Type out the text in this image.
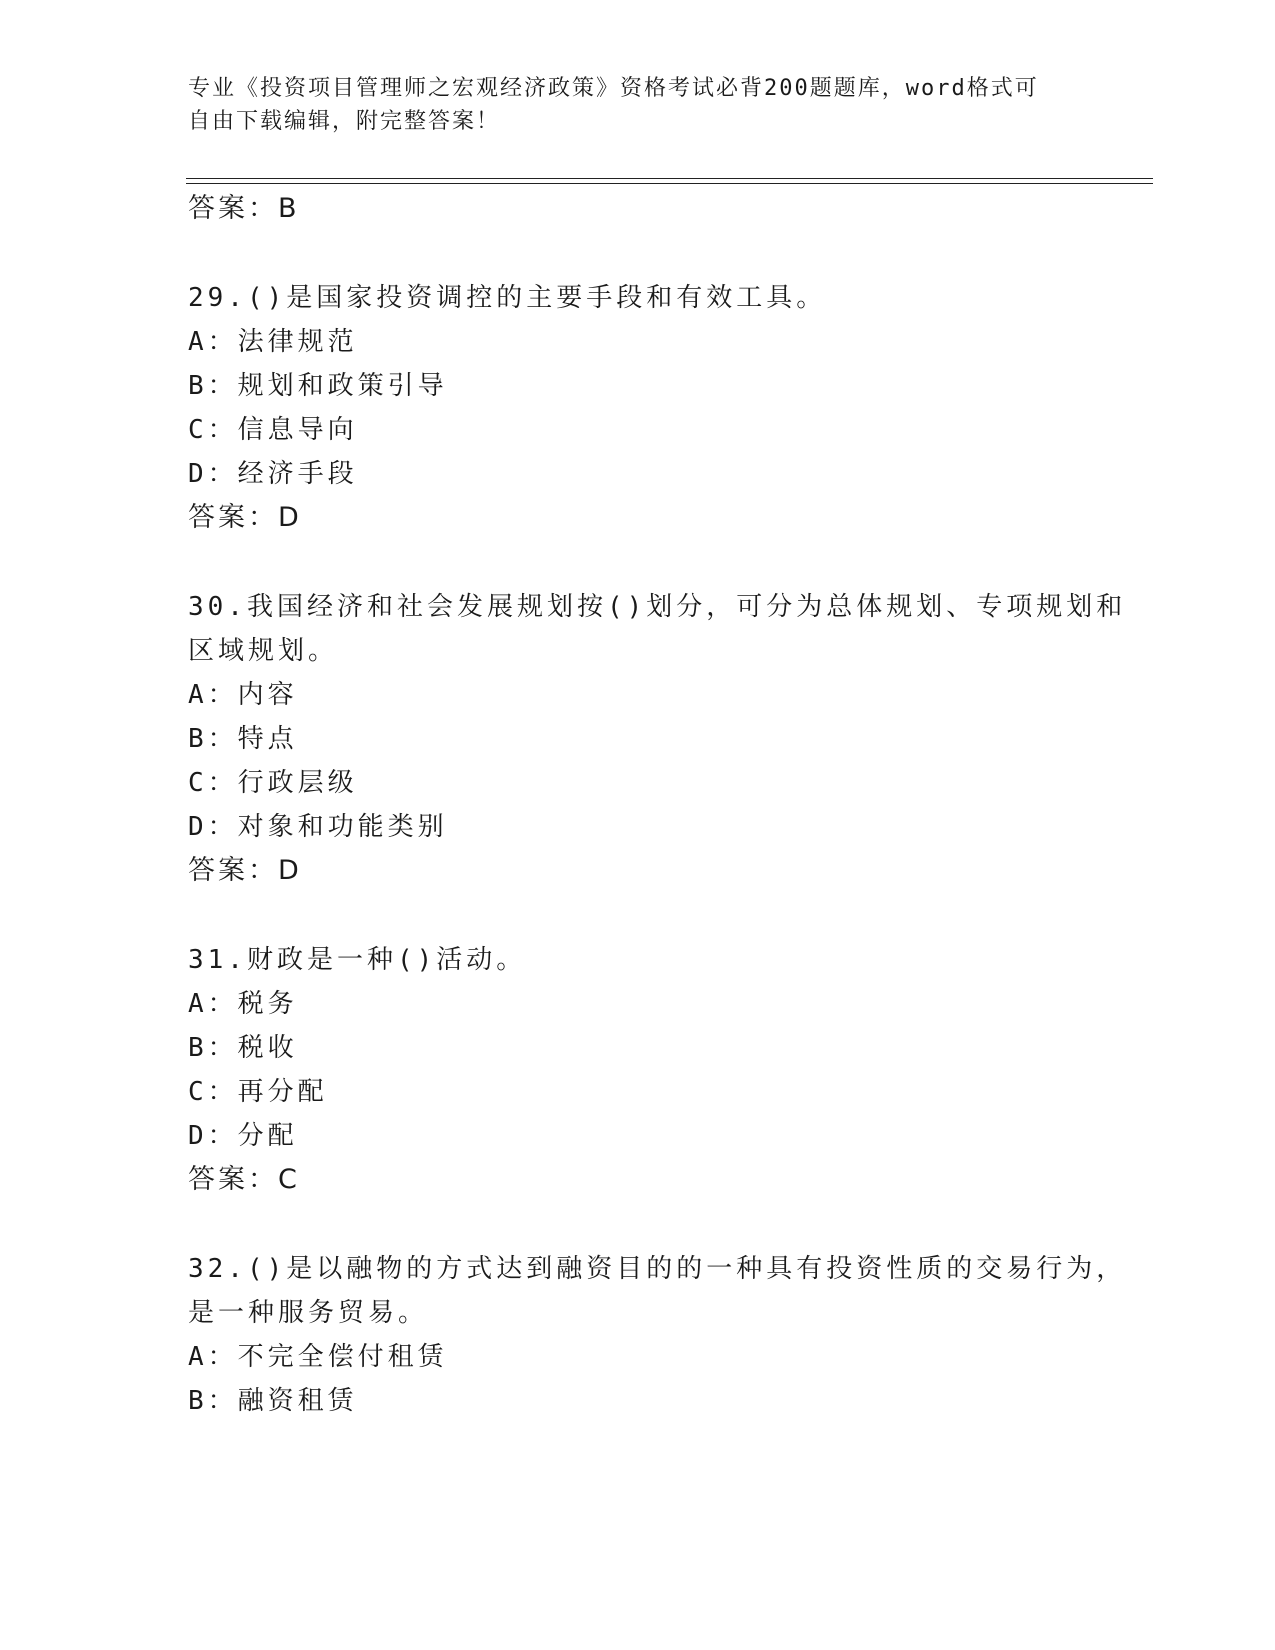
专业《投资项目管理师之宏观经济政策》资格考试必背200题题库，word格式可
自由下载编辑，附完整答案！
答案：B
29.()是国家投资调控的主要手段和有效工具。
A：法律规范
B：规划和政策引导
C：信息导向
D：经济手段
答案：D
30.我国经济和社会发展规划按()划分，可分为总体规划、专项规划和
区域规划。
A：内容
B：特点
C：行政层级
D：对象和功能类别
答案：D
31.财政是一种()活动。
A：税务
B：税收
C：再分配
D：分配
答案：C
32.()是以融物的方式达到融资目的的一种具有投资性质的交易行为，
是一种服务贸易。
A：不完全偿付租赁
B：融资租赁
